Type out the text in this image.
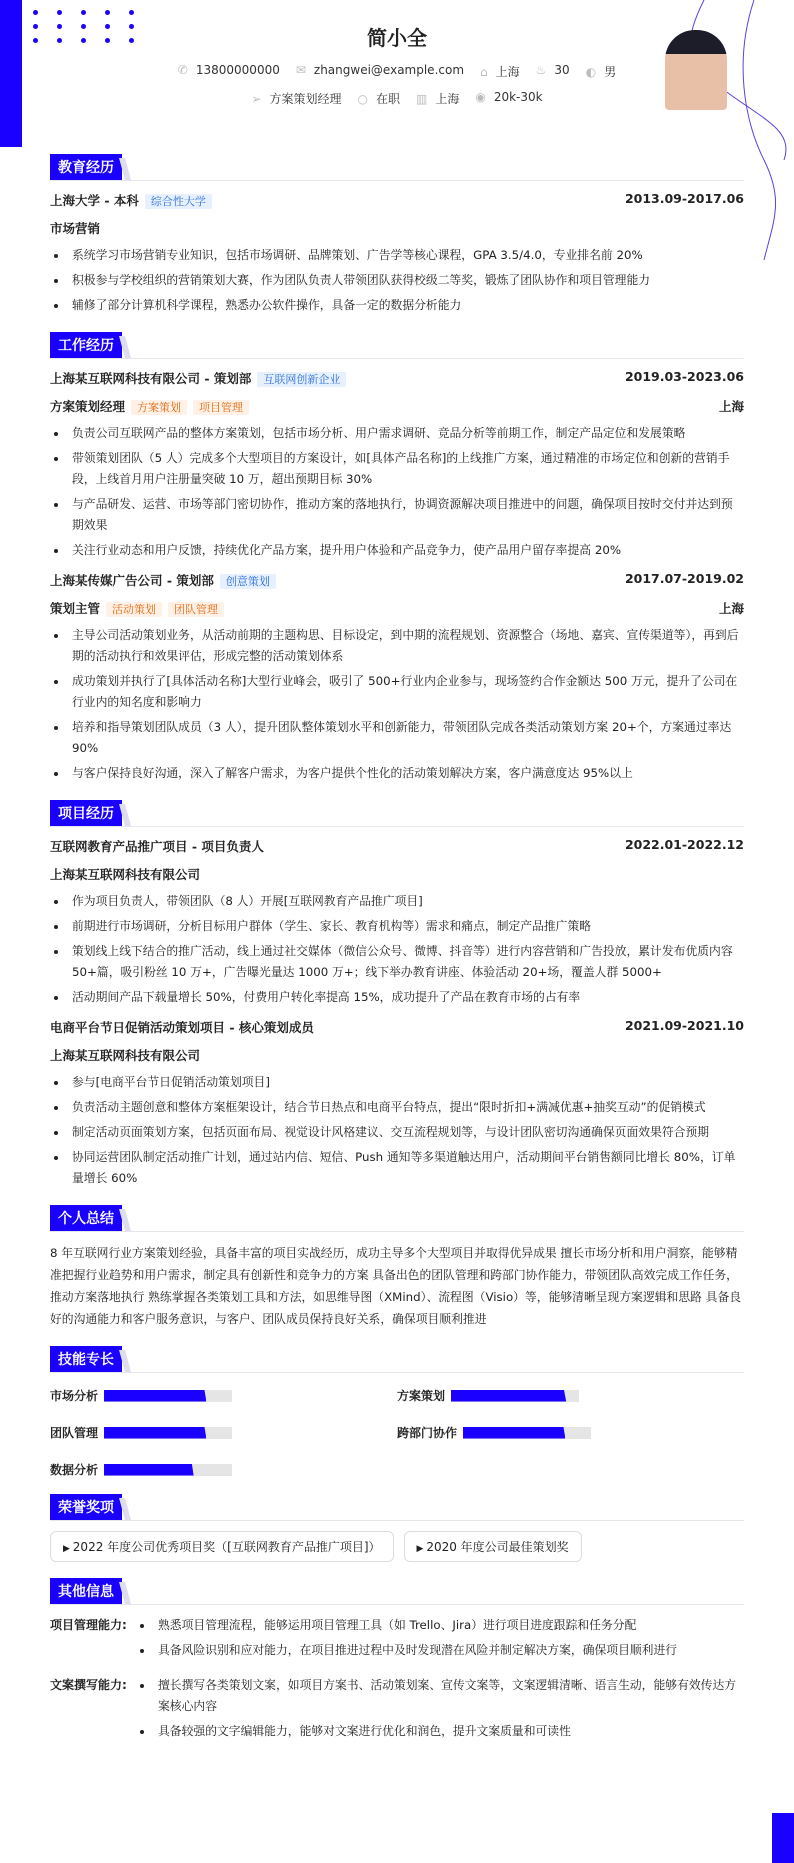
简小全
✆ 13800000000 ✉ zhangwei@example.com ⌂ 上海 ♨ 30 ◐ 男
➢ 方案策划经理 ○ 在职 ▥ 上海 ◉ 20k-30k
教育经历
上海大学 - 本科 综合性大学	2013.09-2017.06
市场营销
系统学习市场营销专业知识，包括市场调研、品牌策划、广告学等核心课程，GPA 3.5/4.0，专业排名前 20%
积极参与学校组织的营销策划大赛，作为团队负责人带领团队获得校级二等奖，锻炼了团队协作和项目管理能力
辅修了部分计算机科学课程，熟悉办公软件操作，具备一定的数据分析能力
工作经历
上海某互联网科技有限公司 - 策划部 互联网创新企业	2019.03-2023.06
方案策划经理 方案策划 项目管理	上海
负责公司互联网产品的整体方案策划，包括市场分析、用户需求调研、竞品分析等前期工作，制定产品定位和发展策略
带领策划团队（5 人）完成多个大型项目的方案设计，如[具体产品名称]的上线推广方案，通过精准的市场定位和创新的营销手段，上线首月用户注册量突破 10 万，超出预期目标 30%
与产品研发、运营、市场等部门密切协作，推动方案的落地执行，协调资源解决项目推进中的问题，确保项目按时交付并达到预期效果
关注行业动态和用户反馈，持续优化产品方案，提升用户体验和产品竞争力，使产品用户留存率提高 20%
上海某传媒广告公司 - 策划部 创意策划	2017.07-2019.02
策划主管 活动策划 团队管理	上海
主导公司活动策划业务，从活动前期的主题构思、目标设定，到中期的流程规划、资源整合（场地、嘉宾、宣传渠道等），再到后期的活动执行和效果评估，形成完整的活动策划体系
成功策划并执行了[具体活动名称]大型行业峰会，吸引了 500+行业内企业参与，现场签约合作金额达 500 万元，提升了公司在行业内的知名度和影响力
培养和指导策划团队成员（3 人），提升团队整体策划水平和创新能力，带领团队完成各类活动策划方案 20+个，方案通过率达 90%
与客户保持良好沟通，深入了解客户需求，为客户提供个性化的活动策划解决方案，客户满意度达 95%以上
项目经历
互联网教育产品推广项目 - 项目负责人	2022.01-2022.12
上海某互联网科技有限公司
作为项目负责人，带领团队（8 人）开展[互联网教育产品推广项目]
前期进行市场调研，分析目标用户群体（学生、家长、教育机构等）需求和痛点，制定产品推广策略
策划线上线下结合的推广活动，线上通过社交媒体（微信公众号、微博、抖音等）进行内容营销和广告投放，累计发布优质内容 50+篇，吸引粉丝 10 万+，广告曝光量达 1000 万+；线下举办教育讲座、体验活动 20+场，覆盖人群 5000+
活动期间产品下载量增长 50%，付费用户转化率提高 15%，成功提升了产品在教育市场的占有率
电商平台节日促销活动策划项目 - 核心策划成员	2021.09-2021.10
上海某互联网科技有限公司
参与[电商平台节日促销活动策划项目]
负责活动主题创意和整体方案框架设计，结合节日热点和电商平台特点，提出“限时折扣+满减优惠+抽奖互动”的促销模式
制定活动页面策划方案，包括页面布局、视觉设计风格建议、交互流程规划等，与设计团队密切沟通确保页面效果符合预期
协同运营团队制定活动推广计划，通过站内信、短信、Push 通知等多渠道触达用户，活动期间平台销售额同比增长 80%，订单量增长 60%
个人总结

8 年互联网行业方案策划经验，具备丰富的项目实战经历，成功主导多个大型项目并取得优异成果 擅长市场分析和用户洞察，能够精准把握行业趋势和用户需求，制定具有创新性和竞争力的方案 具备出色的团队管理和跨部门协作能力，带领团队高效完成工作任务，推动方案落地执行 熟练掌握各类策划工具和方法，如思维导图（XMind）、流程图（Visio）等，能够清晰呈现方案逻辑和思路 具备良好的沟通能力和客户服务意识，与客户、团队成员保持良好关系，确保项目顺利推进

技能专长
市场分析	方案策划
团队管理	跨部门协作
数据分析
荣誉奖项
▶ 2022 年度公司优秀项目奖（[互联网教育产品推广项目]）	▶ 2020 年度公司最佳策划奖
其他信息
项目管理能力:	熟悉项目管理流程，能够运用项目管理工具（如 Trello、Jira）进行项目进度跟踪和任务分配
具备风险识别和应对能力，在项目推进过程中及时发现潜在风险并制定解决方案，确保项目顺利进行
文案撰写能力:	擅长撰写各类策划文案，如项目方案书、活动策划案、宣传文案等，文案逻辑清晰、语言生动，能够有效传达方案核心内容
具备较强的文字编辑能力，能够对文案进行优化和润色，提升文案质量和可读性
